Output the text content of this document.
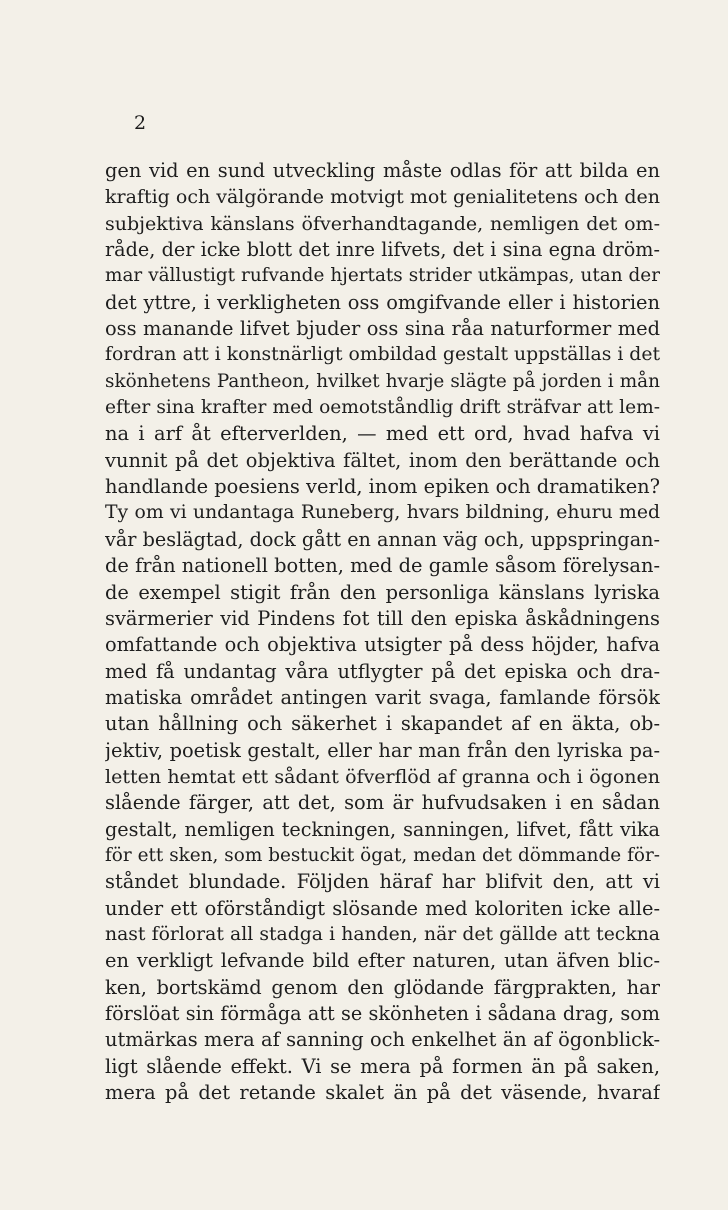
2
gen vid en sund utveckling måste odlas för att bilda en
kraftig och välgörande motvigt mot genialitetens och den
subjektiva känslans öfverhandtagande, nemligen det om-
råde, der icke blott det inre lifvets, det i sina egna dröm-
mar vällustigt rufvande hjertats strider utkämpas, utan der
det yttre, i verkligheten oss omgifvande eller i historien
oss manande lifvet bjuder oss sina råa naturformer med
fordran att i konstnärligt ombildad gestalt uppställas i det
skönhetens Pantheon, hvilket hvarje slägte på jorden i mån
efter sina krafter med oemotståndlig drift sträfvar att lem-
na i arf åt efterverlden, — med ett ord, hvad hafva vi
vunnit på det objektiva fältet, inom den berättande och
handlande poesiens verld, inom epiken och dramatiken?
Ty om vi undantaga Runeberg, hvars bildning, ehuru med
vår beslägtad, dock gått en annan väg och, uppspringan-
de från nationell botten, med de gamle såsom förelysan-
de exempel stigit från den personliga känslans lyriska
svärmerier vid Pindens fot till den episka åskådningens
omfattande och objektiva utsigter på dess höjder, hafva
med få undantag våra utflygter på det episka och dra-
matiska området antingen varit svaga, famlande försök
utan hållning och säkerhet i skapandet af en äkta, ob-
jektiv, poetisk gestalt, eller har man från den lyriska pa-
letten hemtat ett sådant öfverflöd af granna och i ögonen
slående färger, att det, som är hufvudsaken i en sådan
gestalt, nemligen teckningen, sanningen, lifvet, fått vika
för ett sken, som bestuckit ögat, medan det dömmande för-
ståndet blundade. Följden häraf har blifvit den, att vi
under ett oförståndigt slösande med koloriten icke alle-
nast förlorat all stadga i handen, när det gällde att teckna
en verkligt lefvande bild efter naturen, utan äfven blic-
ken, bortskämd genom den glödande färgprakten, har
förslöat sin förmåga att se skönheten i sådana drag, som
utmärkas mera af sanning och enkelhet än af ögonblick-
ligt slående effekt. Vi se mera på formen än på saken,
mera på det retande skalet än på det väsende, hvaraf
